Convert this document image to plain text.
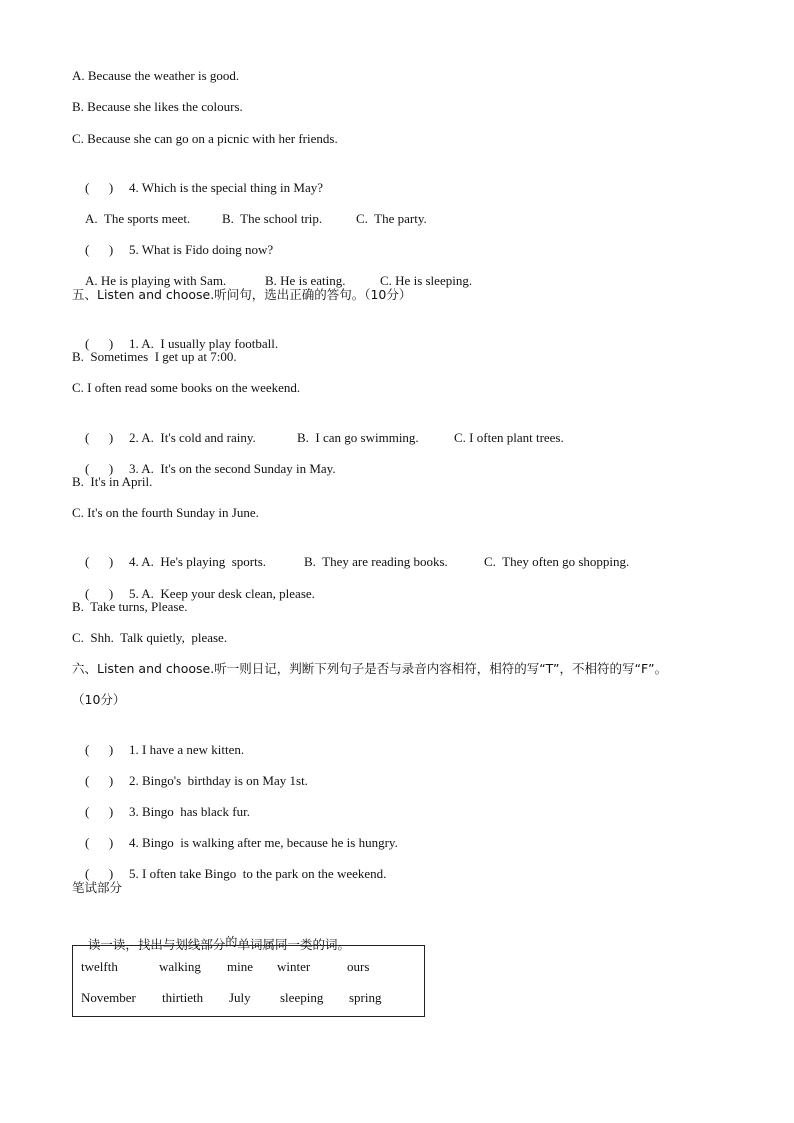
A. Because the weather is good.
B. Because she likes the colours.
C. Because she can go on a picnic with her friends.

(      ) 4. Which is the special thing in May?

A.  The sports meet. B.  The school trip.	C.  The party.

(      ) 5. What is Fido doing now?

A. He is playing with Sam.	B. He is eating.	C. He is sleeping.

五、Listen and choose.听问句，选出正确的答句。（10分）

(      ) 1. A.  I usually play football.

B.  Sometimes  I get up at 7:00.
C. I often read some books on the weekend.

(      ) 2. A.  It's cold and rainy.	B.  I can go swimming.	C. I often plant trees.

(      ) 3. A.  It's on the second Sunday in May.

B.  It's in April.
C. It's on the fourth Sunday in June.

(      ) 4. A.  He's playing  sports.	B.  They are reading books.	C.  They often go shopping.

(      ) 5. A.  Keep your desk clean, please.

B.  Take turns, Please.
C.  Shh.  Talk quietly,  please.
六、Listen and choose.听一则日记，判断下列句子是否与录音内容相符，相符的写“T”，不相符的写“F”。
（10分）

(      ) 1. I have a new kitten.

(      ) 2. Bingo's  birthday is on May 1st.

(      ) 3. Bingo  has black fur.

(      ) 4. Bingo  is walking after me, because he is hungry.

(      ) 5. I often take Bingo  to the park on the weekend.

笔试部分

读一读，找出与划线部分的单词属同一类的词。

twelfth	walking mine winter	ours
November thirtieth July sleeping spring
